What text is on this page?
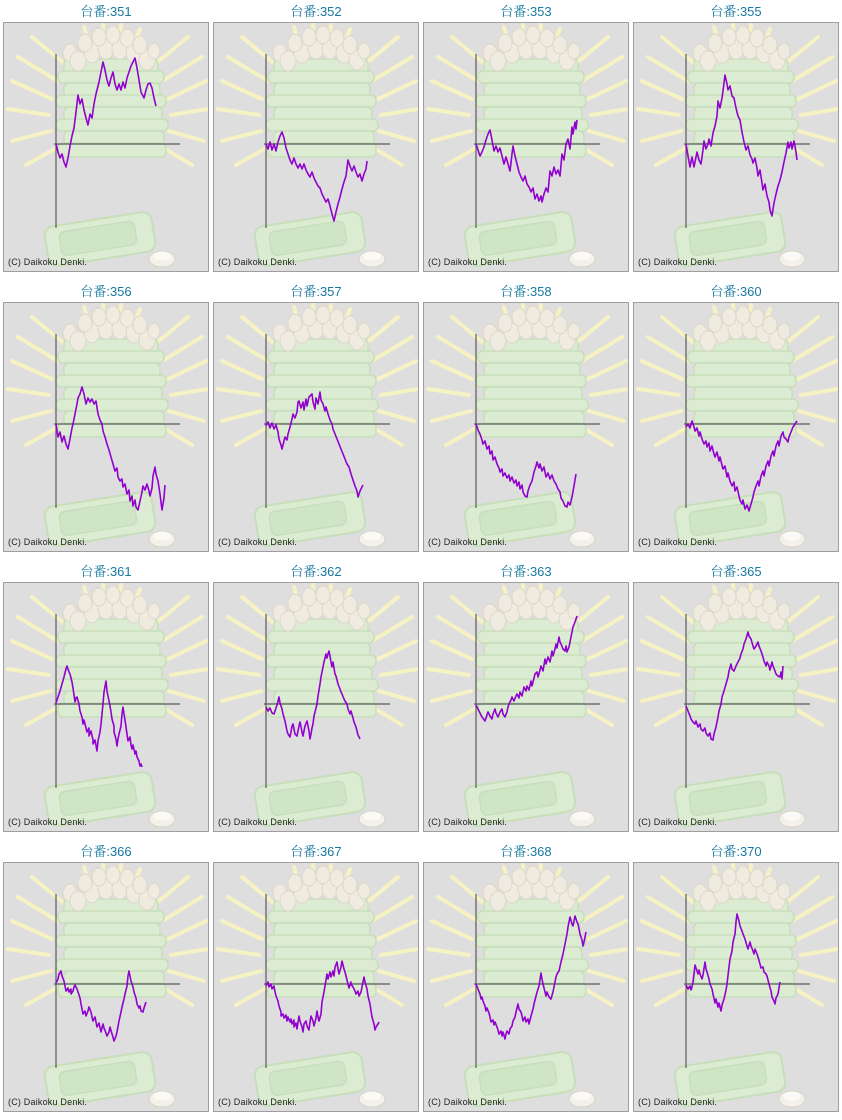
台番:351
(C) Daikoku Denki.
台番:352
(C) Daikoku Denki.
台番:353
(C) Daikoku Denki.
台番:355
(C) Daikoku Denki.
台番:356
(C) Daikoku Denki.
台番:357
(C) Daikoku Denki.
台番:358
(C) Daikoku Denki.
台番:360
(C) Daikoku Denki.
台番:361
(C) Daikoku Denki.
台番:362
(C) Daikoku Denki.
台番:363
(C) Daikoku Denki.
台番:365
(C) Daikoku Denki.
台番:366
(C) Daikoku Denki.
台番:367
(C) Daikoku Denki.
台番:368
(C) Daikoku Denki.
台番:370
(C) Daikoku Denki.
